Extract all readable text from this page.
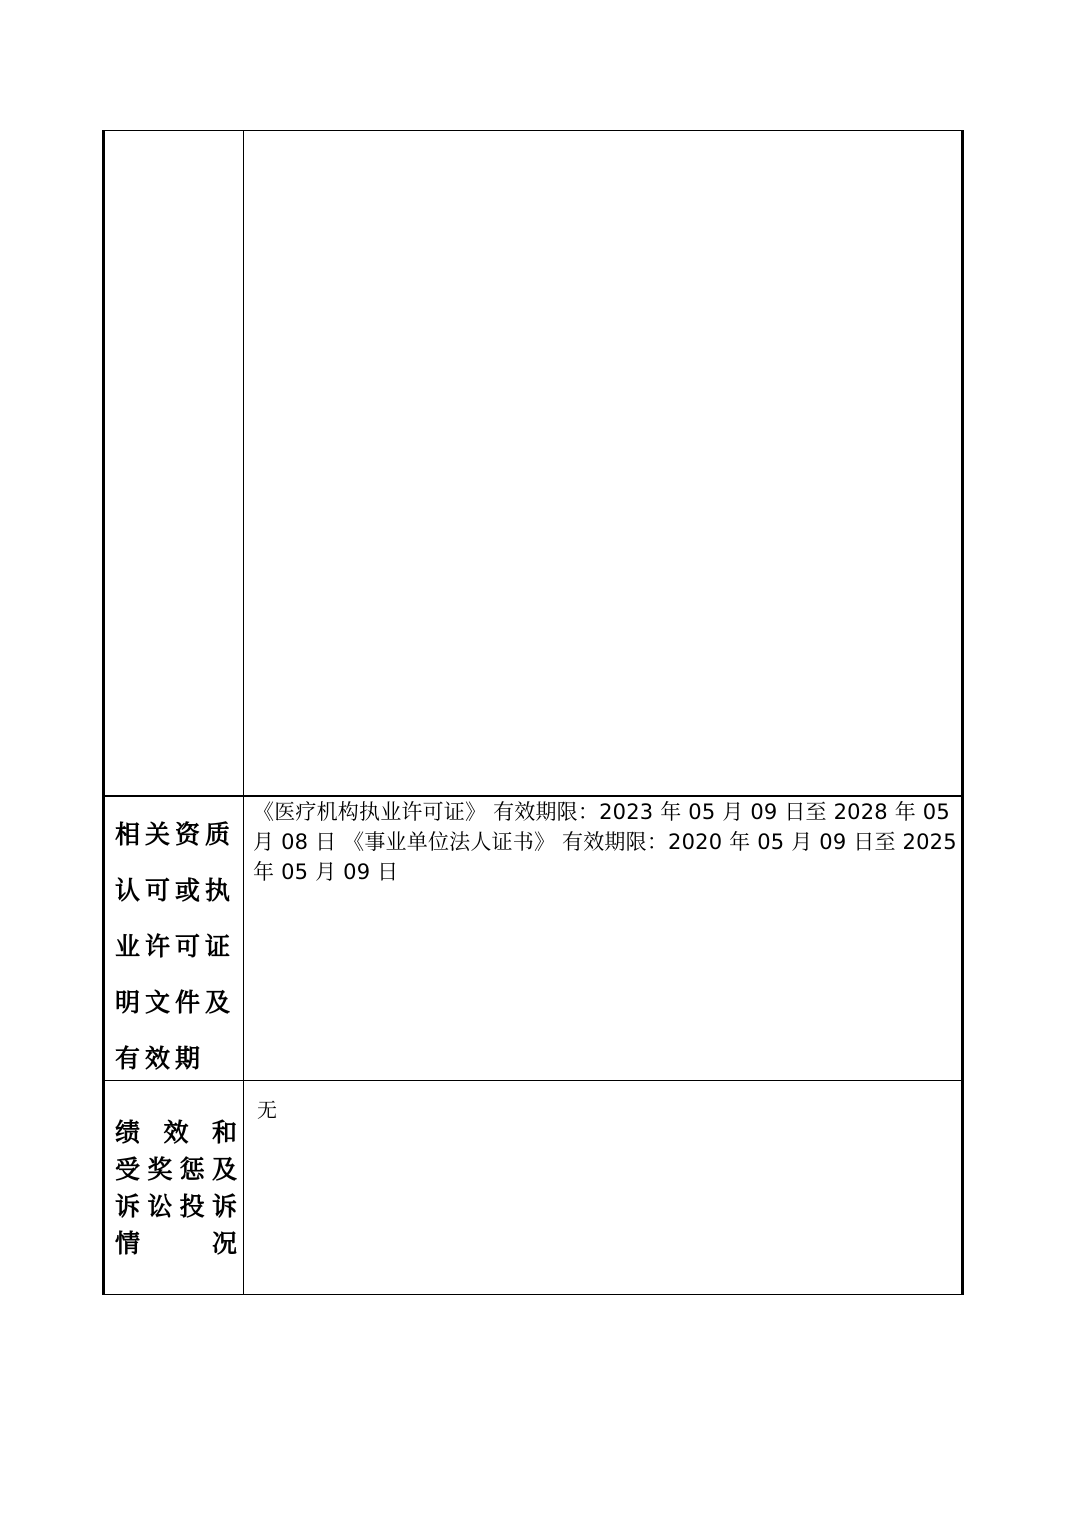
相关资质
认可或执
业许可证
明文件及
有效期
《医疗机构执业许可证》 有效期限：2023 年 05 月 09 日至 2028 年 05 月 08 日 《事业单位法人证书》 有效期限：2020 年 05 月 09 日至 2025 年 05 月 09 日
绩 效 和
受 奖 惩 及
诉 讼 投 诉
情	况
无
